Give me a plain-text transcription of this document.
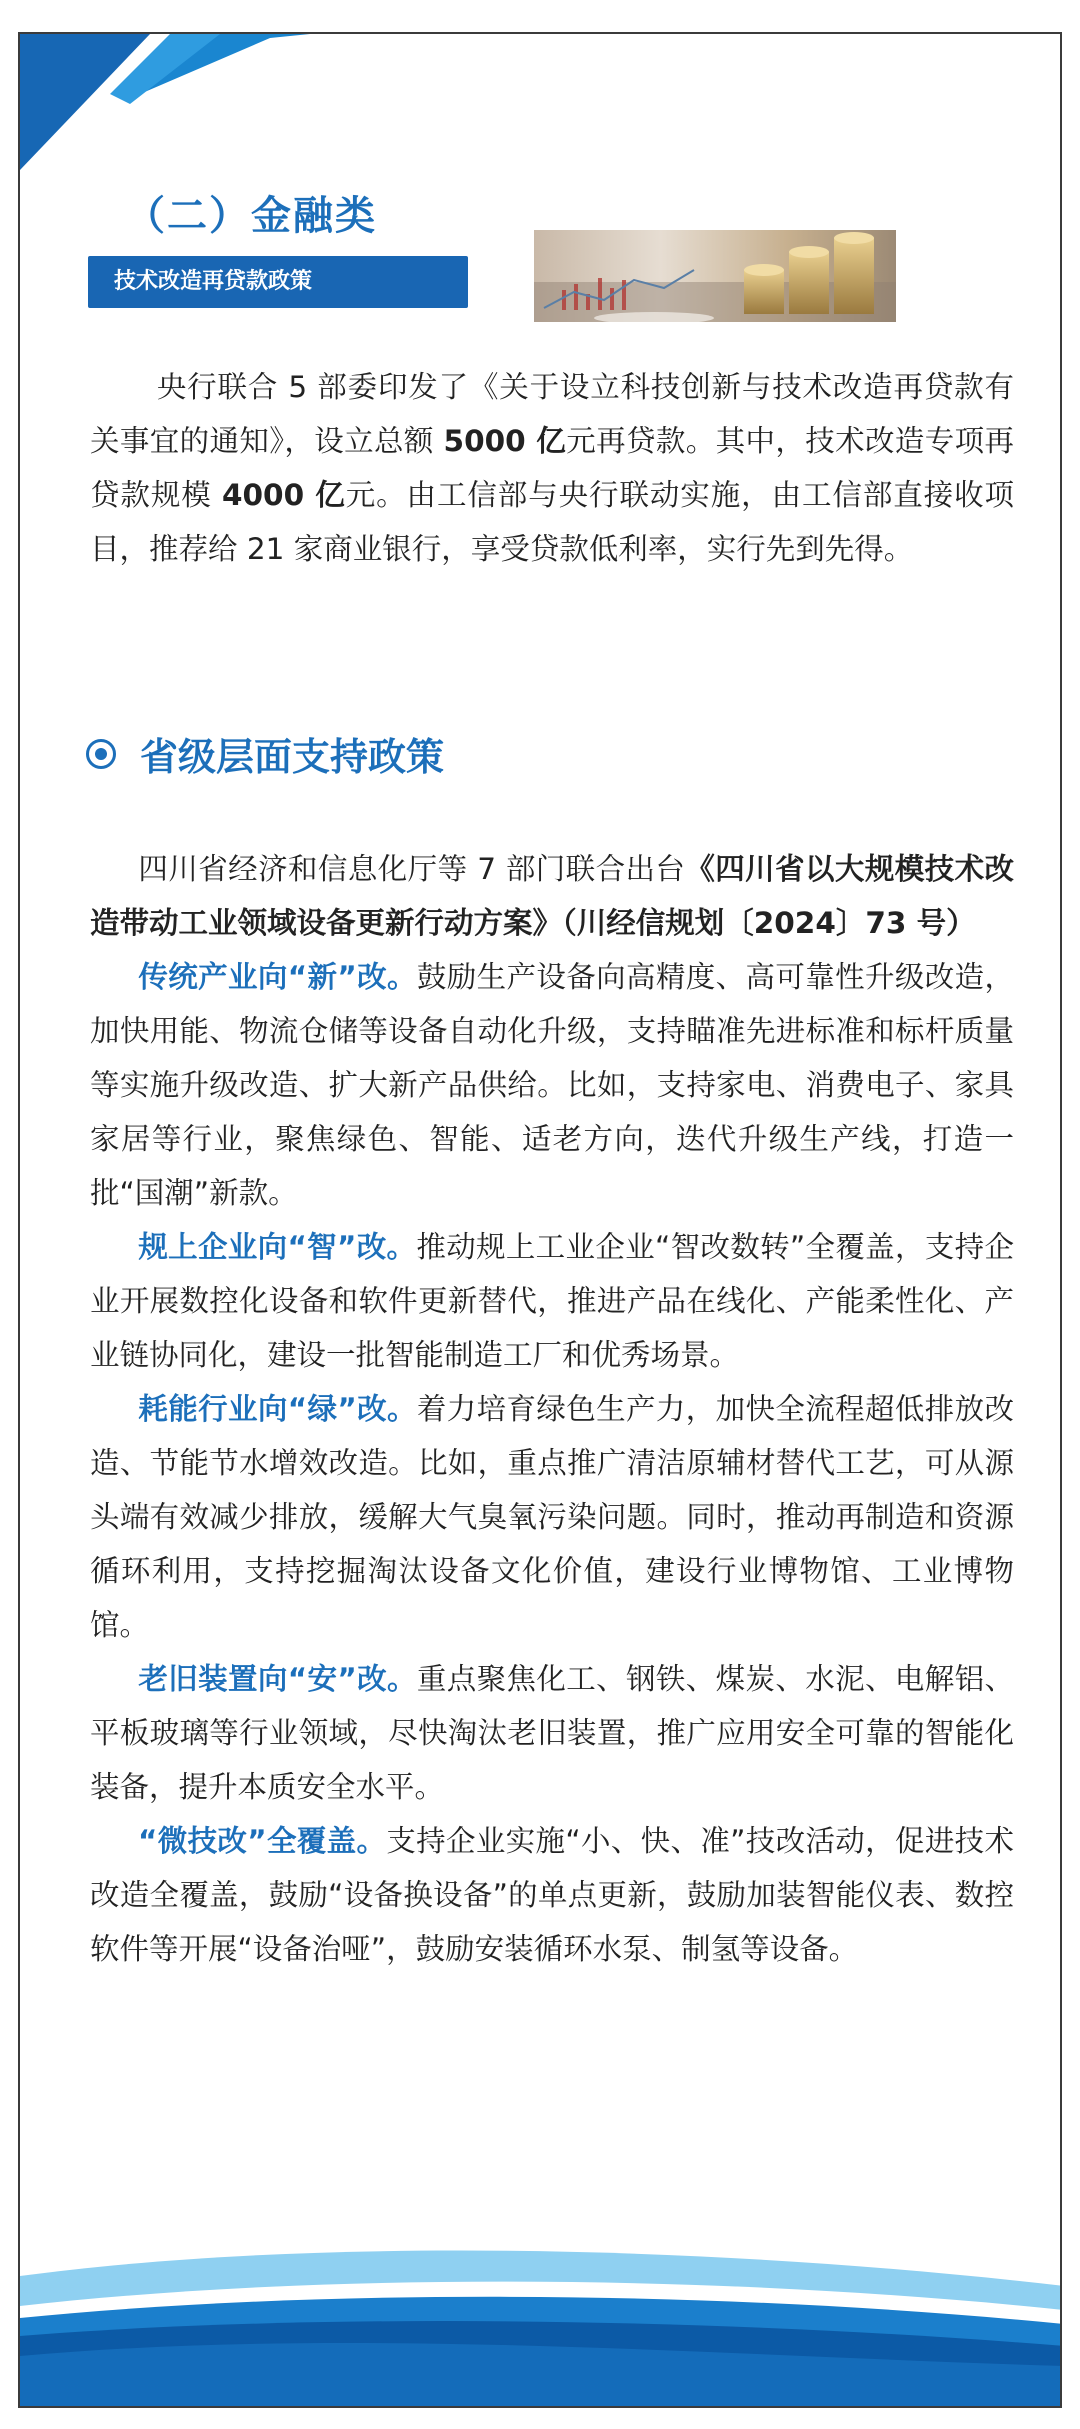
（二）金融类
技术改造再贷款政策

央行联合 5 部委印发了《关于设立科技创新与技术改造再贷款有关事宜的通知》，设立总额 5000 亿元再贷款。其中，技术改造专项再贷款规模 4000 亿元。由工信部与央行联动实施，由工信部直接收项目，推荐给 21 家商业银行，享受贷款低利率，实行先到先得。

省级层面支持政策
四川省经济和信息化厅等 7 部门联合出台《四川省以大规模技术改造带动工业领域设备更新行动方案》（川经信规划〔2024〕73 号）
传统产业向“新”改。鼓励生产设备向高精度、高可靠性升级改造，加快用能、物流仓储等设备自动化升级，支持瞄准先进标准和标杆质量等实施升级改造、扩大新产品供给。比如，支持家电、消费电子、家具家居等行业，聚焦绿色、智能、适老方向，迭代升级生产线，打造一批“国潮”新款。
规上企业向“智”改。推动规上工业企业“智改数转”全覆盖，支持企业开展数控化设备和软件更新替代，推进产品在线化、产能柔性化、产业链协同化，建设一批智能制造工厂和优秀场景。
耗能行业向“绿”改。着力培育绿色生产力，加快全流程超低排放改造、节能节水增效改造。比如，重点推广清洁原辅材替代工艺，可从源头端有效减少排放，缓解大气臭氧污染问题。同时，推动再制造和资源循环利用，支持挖掘淘汰设备文化价值，建设行业博物馆、工业博物馆。
老旧装置向“安”改。重点聚焦化工、钢铁、煤炭、水泥、电解铝、平板玻璃等行业领域，尽快淘汰老旧装置，推广应用安全可靠的智能化装备，提升本质安全水平。
“微技改”全覆盖。支持企业实施“小、快、准”技改活动，促进技术改造全覆盖，鼓励“设备换设备”的单点更新，鼓励加装智能仪表、数控软件等开展“设备治哑”，鼓励安装循环水泵、制氢等设备。
